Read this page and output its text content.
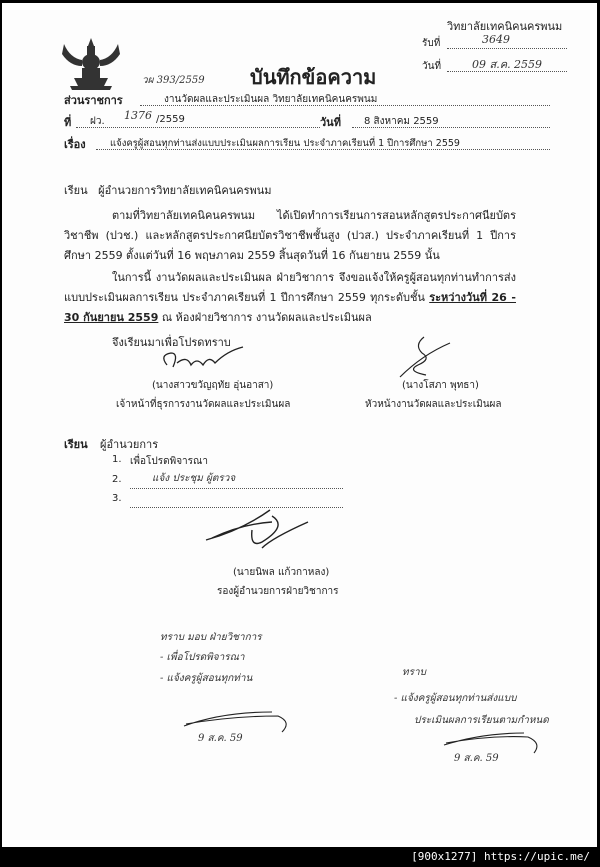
วิทยาลัยเทคนิคนครพนม
รับที่	3649
วันที่	09 ส.ค. 2559
บันทึกข้อความ
วผ 393/2559
ส่วนราชการ	งานวัดผลและประเมินผล วิทยาลัยเทคนิคนครพนม
ที่ ฝว. 1376 /2559	วันที่ 8 สิงหาคม 2559
เรื่อง	แจ้งครูผู้สอนทุกท่านส่งแบบประเมินผลการเรียน ประจำภาคเรียนที่ 1 ปีการศึกษา 2559
เรียน ผู้อำนวยการวิทยาลัยเทคนิคนครพนม
ตามที่วิทยาลัยเทคนิคนครพนม ได้เปิดทำการเรียนการสอนหลักสูตรประกาศนียบัตรวิชาชีพ (ปวช.) และหลักสูตรประกาศนียบัตรวิชาชีพชั้นสูง (ปวส.) ประจำภาคเรียนที่ 1 ปีการศึกษา 2559 ตั้งแต่วันที่ 16 พฤษภาคม 2559 สิ้นสุดวันที่ 16 กันยายน 2559 นั้น
ในการนี้ งานวัดผลและประเมินผล ฝ่ายวิชาการ จึงขอแจ้งให้ครูผู้สอนทุกท่านทำการส่งแบบประเมินผลการเรียน ประจำภาคเรียนที่ 1 ปีการศึกษา 2559 ทุกระดับชั้น ระหว่างวันที่ 26 - 30 กันยายน 2559 ณ ห้องฝ่ายวิชาการ งานวัดผลและประเมินผล
จึงเรียนมาเพื่อโปรดทราบ
(นางสาวขวัญฤทัย อุ่นอาสา)
เจ้าหน้าที่ธุรการงานวัดผลและประเมินผล
(นางโสภา พุทธา)
หัวหน้างานวัดผลและประเมินผล
เรียน ผู้อำนวยการ
1. เพื่อโปรดพิจารณา
2.	แจ้ง ประชุม ผู้ตรวจ
3.
(นายนิพล แก้วกาหลง)
รองผู้อำนวยการฝ่ายวิชาการ
ทราบ มอบ ฝ่ายวิชาการ
- เพื่อโปรดพิจารณา
- แจ้งครูผู้สอนทุกท่าน
9 ส.ค. 59
ทราบ
- แจ้งครูผู้สอนทุกท่านส่งแบบ
ประเมินผลการเรียนตามกำหนด
9 ส.ค. 59
[900x1277] https://upic.me/
